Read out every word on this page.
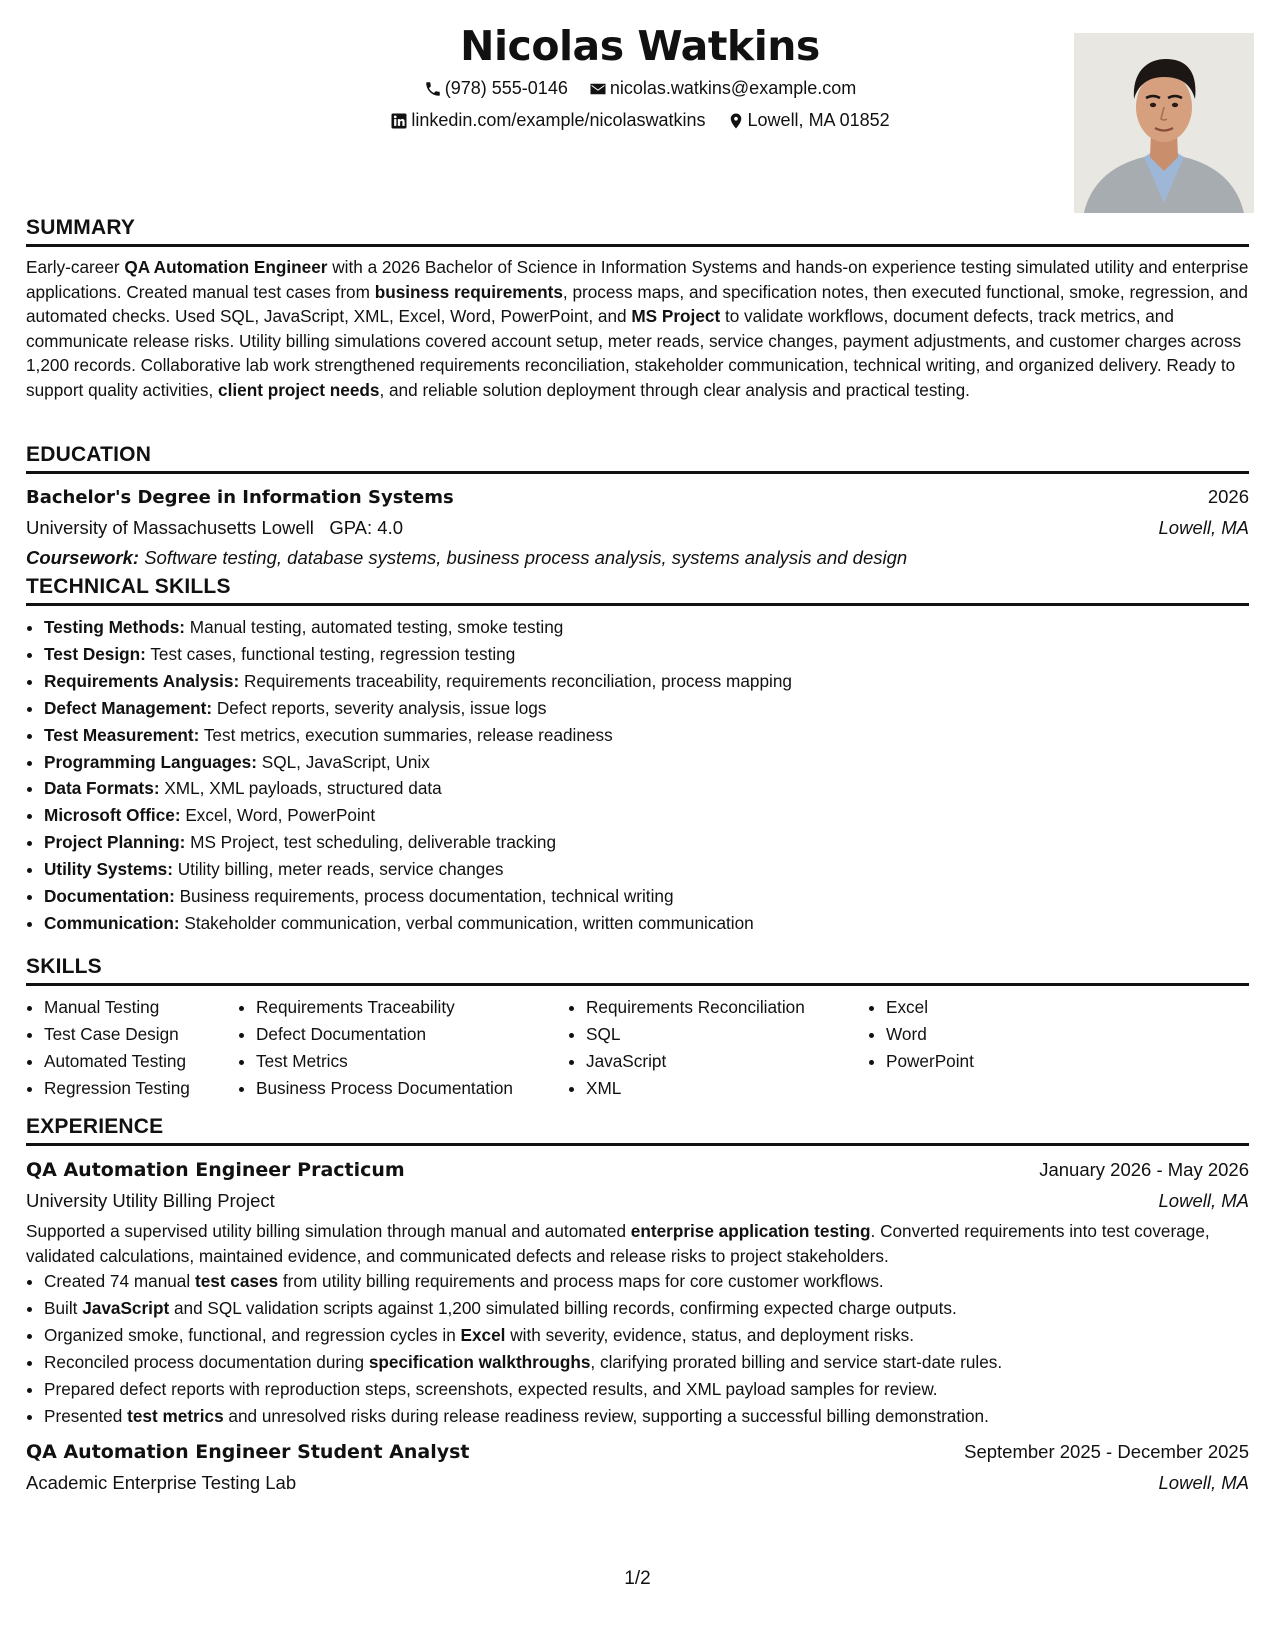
Nicolas Watkins
(978) 555-0146
nicolas.watkins@example.com
linkedin.com/example/nicolaswatkins
Lowell, MA 01852
SUMMARY

Early-career QA Automation Engineer with a 2026 Bachelor of Science in Information Systems and hands-on experience testing simulated utility and enterprise applications. Created manual test cases from business requirements, process maps, and specification notes, then executed functional, smoke, regression, and automated checks. Used SQL, JavaScript, XML, Excel, Word, PowerPoint, and MS Project to validate workflows, document defects, track metrics, and communicate release risks. Utility billing simulations covered account setup, meter reads, service changes, payment adjustments, and customer charges across 1,200 records. Collaborative lab work strengthened requirements reconciliation, stakeholder communication, technical writing, and organized delivery. Ready to support quality activities, client project needs, and reliable solution deployment through clear analysis and practical testing.

EDUCATION
Bachelor's Degree in Information Systems	2026
University of Massachusetts Lowell GPA: 4.0	Lowell, MA
Coursework: Software testing, database systems, business process analysis, systems analysis and design
TECHNICAL SKILLS
• Testing Methods: Manual testing, automated testing, smoke testing
• Test Design: Test cases, functional testing, regression testing
• Requirements Analysis: Requirements traceability, requirements reconciliation, process mapping
• Defect Management: Defect reports, severity analysis, issue logs
• Test Measurement: Test metrics, execution summaries, release readiness
• Programming Languages: SQL, JavaScript, Unix
• Data Formats: XML, XML payloads, structured data
• Microsoft Office: Excel, Word, PowerPoint
• Project Planning: MS Project, test scheduling, deliverable tracking
• Utility Systems: Utility billing, meter reads, service changes
• Documentation: Business requirements, process documentation, technical writing
• Communication: Stakeholder communication, verbal communication, written communication
SKILLS
• Manual Testing
• Test Case Design
• Automated Testing
• Regression Testing
• Requirements Traceability
• Defect Documentation
• Test Metrics
• Business Process Documentation
• Requirements Reconciliation
• SQL
• JavaScript
• XML
• Excel
• Word
• PowerPoint
EXPERIENCE
QA Automation Engineer Practicum	January 2026 - May 2026
University Utility Billing Project	Lowell, MA

Supported a supervised utility billing simulation through manual and automated enterprise application testing. Converted requirements into test coverage, validated calculations, maintained evidence, and communicated defects and release risks to project stakeholders.

• Created 74 manual test cases from utility billing requirements and process maps for core customer workflows.
• Built JavaScript and SQL validation scripts against 1,200 simulated billing records, confirming expected charge outputs.
• Organized smoke, functional, and regression cycles in Excel with severity, evidence, status, and deployment risks.
• Reconciled process documentation during specification walkthroughs, clarifying prorated billing and service start-date rules.
• Prepared defect reports with reproduction steps, screenshots, expected results, and XML payload samples for review.
• Presented test metrics and unresolved risks during release readiness review, supporting a successful billing demonstration.
QA Automation Engineer Student Analyst	September 2025 - December 2025
Academic Enterprise Testing Lab	Lowell, MA
1/2
